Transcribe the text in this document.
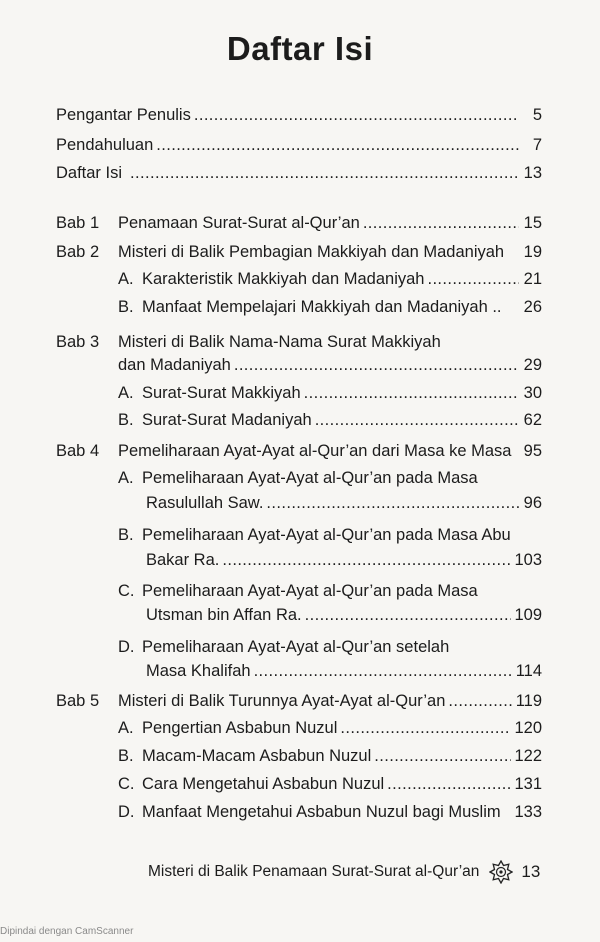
Daftar Isi
Pengantar Penulis .....	5
Pendahuluan .....	7
Daftar Isi .....	13
Bab 1	Penamaan Surat-Surat al-Qur’an .....	15
Bab 2	Misteri di Balik Pembagian Makkiyah dan Madaniyah 19
A. Karakteristik Makkiyah dan Madaniyah .....	21
B. Manfaat Mempelajari Makkiyah dan Madaniyah .. 26
Bab 3	Misteri di Balik Nama-Nama Surat Makkiyah
dan Madaniyah .....	29
A. Surat-Surat Makkiyah .....	30
B. Surat-Surat Madaniyah .....	62
Bab 4	Pemeliharaan Ayat-Ayat al-Qur’an dari Masa ke Masa 95
A. Pemeliharaan Ayat-Ayat al-Qur’an pada Masa
Rasulullah Saw. .....	96
B. Pemeliharaan Ayat-Ayat al-Qur’an pada Masa Abu
Bakar Ra. .....	103
C. Pemeliharaan Ayat-Ayat al-Qur’an pada Masa
Utsman bin Affan Ra. .....	109
D. Pemeliharaan Ayat-Ayat al-Qur’an setelah
Masa Khalifah .....	114
Bab 5	Misteri di Balik Turunnya Ayat-Ayat al-Qur’an .....	119
A. Pengertian Asbabun Nuzul .....	120
B. Macam-Macam Asbabun Nuzul .....	122
C. Cara Mengetahui Asbabun Nuzul .....	131
D. Manfaat Mengetahui Asbabun Nuzul bagi Muslim 133
Misteri di Balik Penamaan Surat-Surat al-Qur’an 13
Dipindai dengan CamScanner
